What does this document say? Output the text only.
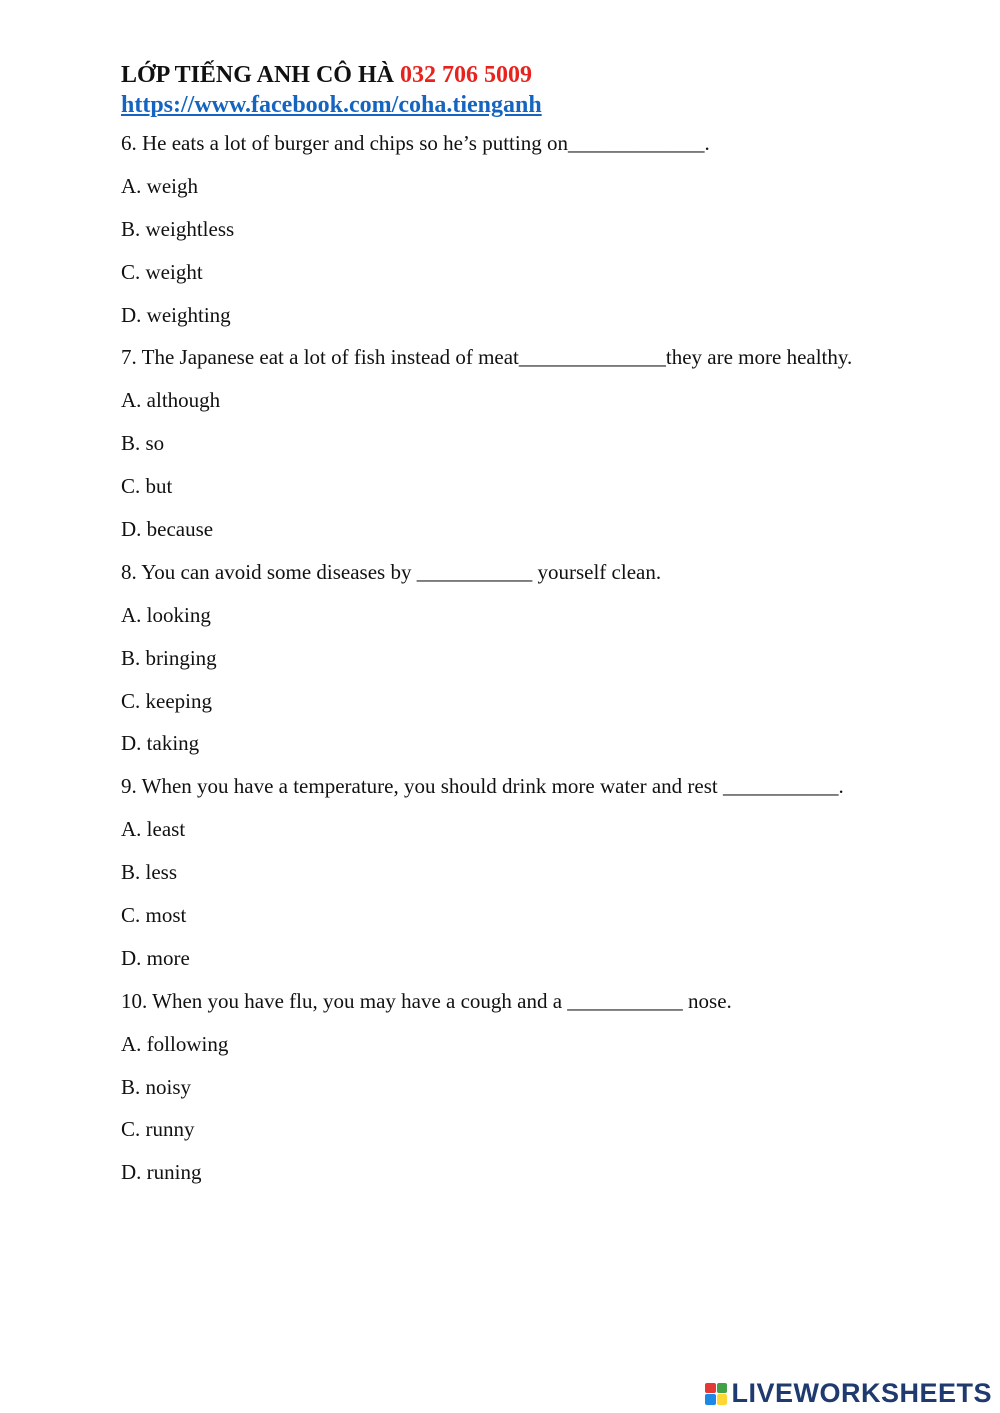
LỚP TIẾNG ANH CÔ HÀ 032 706 5009
https://www.facebook.com/coha.tienganh

6. He eats a lot of burger and chips so he’s putting on_____________.

A. weigh

B. weightless

C. weight

D. weighting

7. The Japanese eat a lot of fish instead of meat______________they are more healthy.

A. although

B. so

C. but

D. because

8. You can avoid some diseases by ___________ yourself clean.

A. looking

B. bringing

C. keeping

D. taking

9. When you have a temperature, you should drink more water and rest ___________.

A. least

B. less

C. most

D. more

10. When you have flu, you may have a cough and a ___________ nose.

A. following

B. noisy

C. runny

D. runing

LIVEWORKSHEETS
